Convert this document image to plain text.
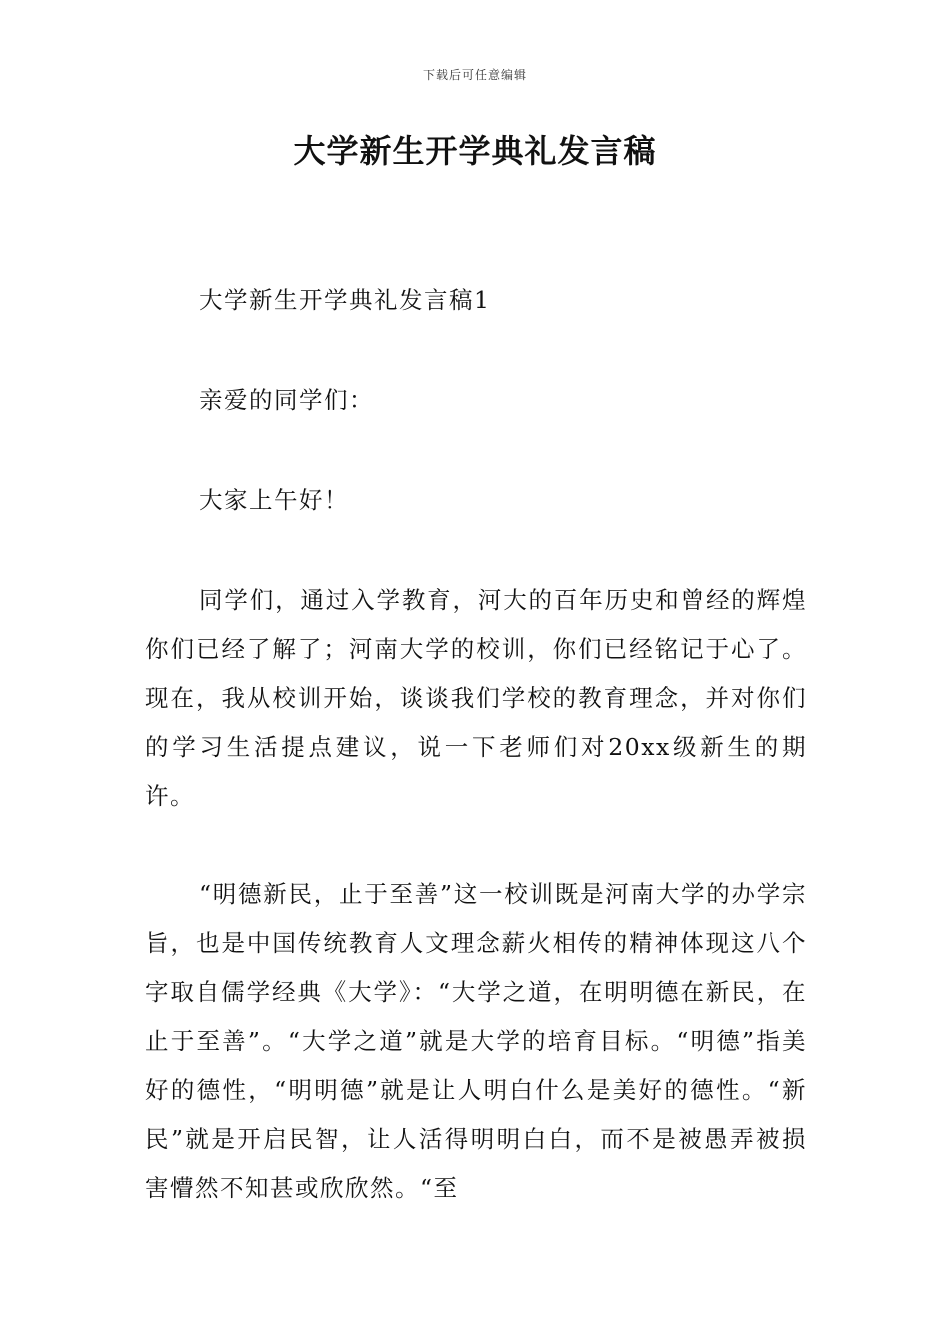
下载后可任意编辑
大学新生开学典礼发言稿

大学新生开学典礼发言稿1

亲爱的同学们：

大家上午好！

同学们，通过入学教育，河大的百年历史和曾经的辉煌你们已经了解了；河南大学的校训，你们已经铭记于心了。现在，我从校训开始，谈谈我们学校的教育理念，并对你们的学习生活提点建议，说一下老师们对20xx级新生的期许。

“明德新民，止于至善”这一校训既是河南大学的办学宗旨，也是中国传统教育人文理念薪火相传的精神体现这八个字取自儒学经典《大学》：“大学之道，在明明德在新民，在止于至善”。“大学之道”就是大学的培育目标。“明德”指美好的德性，“明明德”就是让人明白什么是美好的德性。“新民”就是开启民智，让人活得明明白白，而不是被愚弄被损害懵然不知甚或欣欣然。“至
